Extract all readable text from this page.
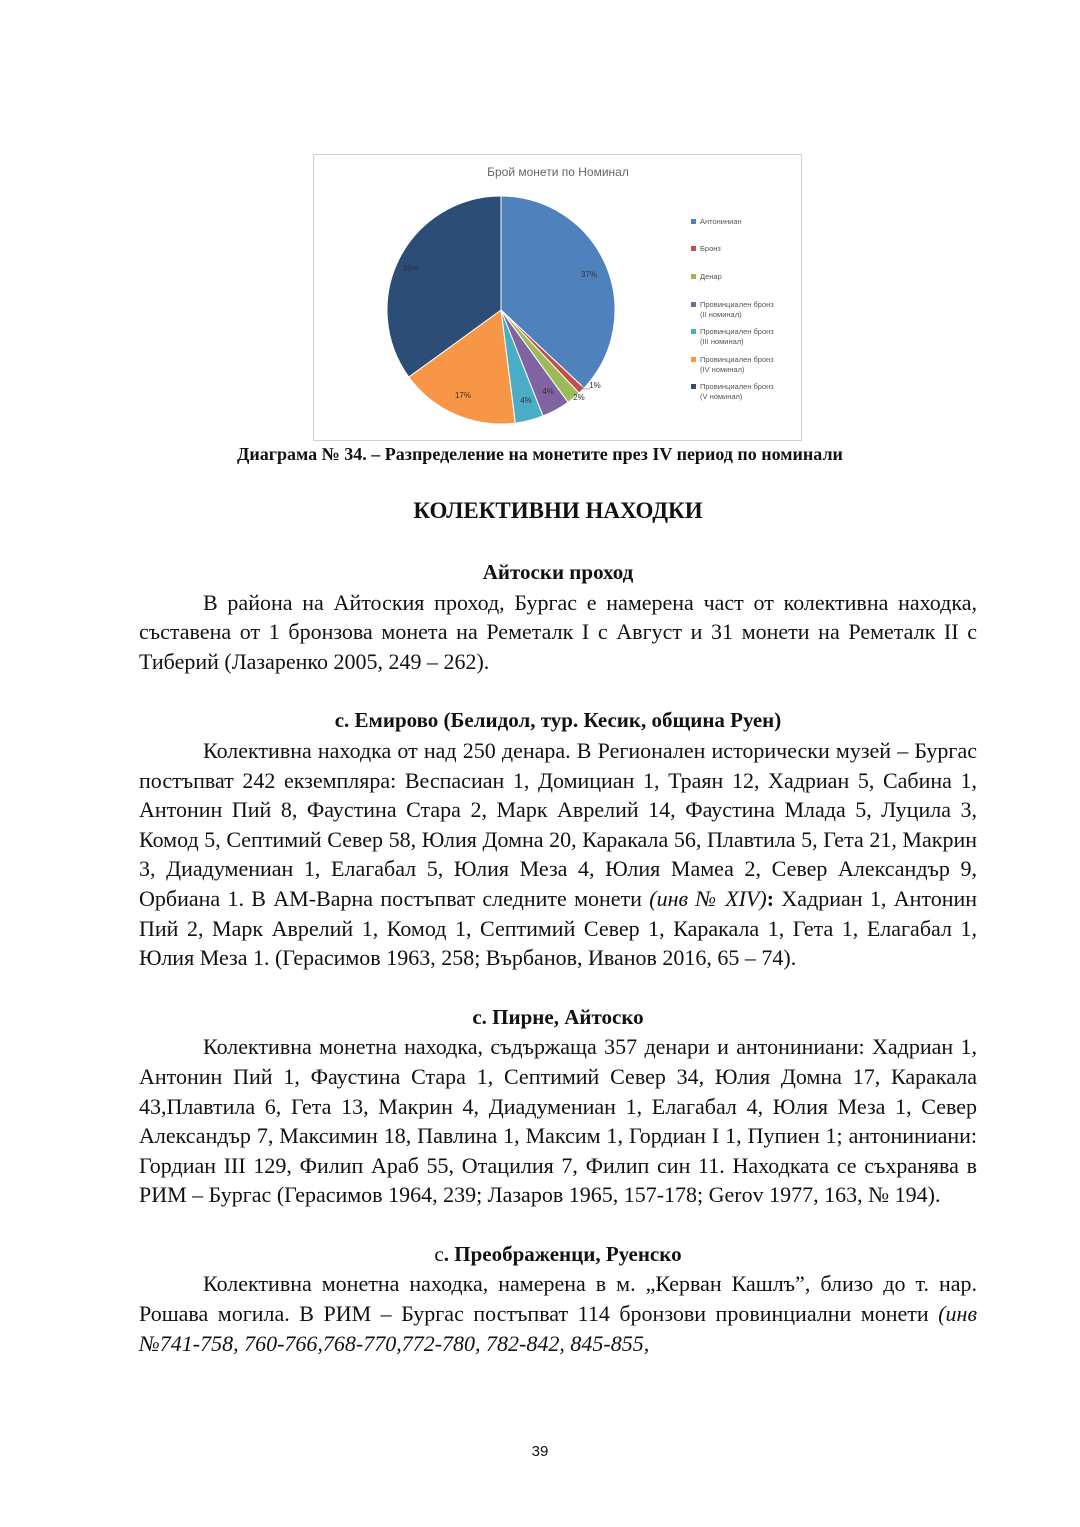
Брой монети по Номинал
37%
1%
2%
4%
4%
17%
35%
Антониниан
Бронз
Денар
Провинциален бронз
(II номинал)
Провинциален бронз
(III номинал)
Провинциален бронз
(IV номинал)
Провинциален бронз
(V номинал)
Диаграма № 34. – Разпределение на монетите през IV период по номинали
КОЛЕКТИВНИ НАХОДКИ
Айтоски проход

В района на Айтоския проход, Бургас е намерена част от колективна находка, съставена от 1 бронзова монета на Реметалк I с Август и 31 монети на Реметалк II с Тиберий (Лазаренко 2005, 249 – 262).

с. Емирово (Белидол, тур. Кесик, община Руен)

Колективна находка от над 250 денара. В Регионален исторически музей – Бургас постъпват 242 екземпляра: Веспасиан 1, Домициан 1, Траян 12, Хадриан 5, Сабина 1, Антонин Пий 8, Фаустина Стара 2, Марк Аврелий 14, Фаустина Млада 5, Луцила 3, Комод 5, Септимий Север 58, Юлия Домна 20, Каракала 56, Плавтила 5, Гета 21, Макрин 3, Диадумениан 1, Елагабал 5, Юлия Меза 4, Юлия Мамеа 2, Север Александър 9, Орбиана 1. В АМ-Варна постъпват следните монети (инв № XIV): Хадриан 1, Антонин Пий 2, Марк Аврелий 1, Комод 1, Септимий Север 1, Каракала 1, Гета 1, Елагабал 1, Юлия Меза 1. (Герасимов 1963, 258; Върбанов, Иванов 2016, 65 – 74).

с. Пирне, Айтоско

Колективна монетна находка, съдържаща 357 денари и антониниани: Хадриан 1, Антонин Пий 1, Фаустина Стара 1, Септимий Север 34, Юлия Домна 17, Каракала 43,Плавтила 6, Гета 13, Макрин 4, Диадумениан 1, Елагабал 4, Юлия Меза 1, Север Александър 7, Максимин 18, Павлина 1, Максим 1, Гордиан I 1, Пупиен 1; антониниани: Гордиан III 129, Филип Араб 55, Отацилия 7, Филип син 11. Находката се съхранява в РИМ – Бургас (Герасимов 1964, 239; Лазаров 1965, 157-178; Gerov 1977, 163, № 194).

с. Преображенци, Руенско

Колективна монетна находка, намерена в м. „Керван Кашлъ”, близо до т. нар. Рошава могила. В РИМ – Бургас постъпват 114 бронзови провинциални монети (инв №741-758, 760-766,768-770,772-780, 782-842, 845-855,

39
